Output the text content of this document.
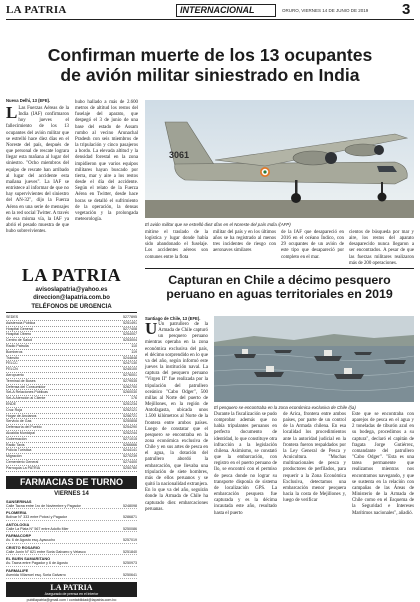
LA PATRIA	INTERNACIONAL	ORURO, VIERNES 14 DE JUNIO DE 2019 3
Confirman muerte de los 13 ocupantes
de avión militar siniestrado en India
Nueva Delhi, 13 (EFE).
L Las Fuerzas Aéreas de la India (IAF) confirmaron hoy jueves el fallecimiento de los 13 ocupantes del avión militar que se estrelló hace diez días en el Noreste del país, después de que personal de rescate lograra llegar esta mañana al lugar del siniestro. "Ocho miembros del equipo de rescate han arribado al lugar del accidente esta mañana jueves". La IAF se entristece al informar de que no hay supervivientes del siniestro del AN-32", dijo la Fuerza Aérea en una serie de mensajes en la red social Twitter. A través de esa misma vía, la IAF ya abrió el pesado muestra de que hubo sobrevivientes.
hubo hallado a más de 2.600 metros de altitud los restos del fuselaje del aparato, que despegó el 3 de junio de una base del estado de Assam rumbo al vecino Arunachal Pradesh con seis miembros de la tripulación y cinco pasajeros a bordo. La elevada altitud y la densidad forestal en la zona impidieron que varios equipos militares hayan buscado por tierra, mar y aire a los restos desde el día del accidente. Según el relato de la Fuerza Aérea en Twitter, desde hace horas se detalló el sufrimiento de la operación, la densas vegetación y la prolongada meteorología.
3061
El avión militar que se estrelló diez días en el Noreste del país India /(AFP)
mitirse el traslado de la logística y lugar donde había sido abandonado el fuselaje. Los accidentes aéreos son comunes entre la flota
militar del país y en los últimos años se ha registrado al menos tres incidentes de riesgo con aeronaves similares
de la IAF que desapareció en 2016 en el océano Índico, con 29 ocupantes de un avión de este tipo que desapareció por completo en el mar.
cientos de búsqueda por mar y aire, los restos del aparato desaparecido nunca llegaron a ser encontrados. A pesar de que las fuerzas militares realizaron más de 200 operaciones.
LA PATRIA
avisoslapatria@yahoo.es
direccion@lapatria.com.bo
TELÉFONOS DE URGENCIA
SEDES	5277895
Asistencia Pública	5251491
Hospital General	5277408
Hospital Obrero	5254007
Centro de Salud	5253004
Radio Patrulla	110
Bomberos	119
Tránsito	5244848
FELCC	5247130
FELCN	5245100
Aeropuerto	5276001
Terminal de Buses	5279535
Defensa del Consumidor	5262700
SeLA Relaciones Públicas	5260030
SeLA Atención al Cliente	176
ENDE	5251234
Cruz Roja	5252121
Hogar de Ancianos	5256721
Servicio de Gas	5250808
Defensoría del Pueblo	5254290
Alcaldía Municipal	5252244
Gobernación	5271015
Radio Taxis	5266666
Policía Turística	5244141
Migración	5270239
Cementerio General	5274400
Parroquia La PATRIA	5250780
FARMACIAS DE TURNO
VIERNES 14
SANSERINAS
Calle Tacna entre 1ro de Noviembre y Pagador	5248098
PLOMERIA
Bolívar N° 333 entre Potosí y Pagador	5286871
ANTOLOGIA
Calle La Plata N° 567 entre Adolfo Mier	5250086
FARMACORP
Av. 6 de Agosto esq. Ayacucho	5257019
CRISTO ROSARIO
Calle Junín N° 621 entre Soria Galvarro y Velasco	5251840
EL BUEN SAMARITANO
Av. Tacna entre Pagador y 6 de Agosto	5250973
FARMALIFE
Avenida Villarroel esq. Soria Galvarro	5250641
LA PATRIA
Asegurado de prensa en el interior
publilapatria@gmail.com / contabilidad@lapatria.com.bo
Capturan en Chile a décimo pesquero
peruano en aguas territoriales en 2019
Santiago de Chile, 13 (EFE).
U Un patrullero de la Armada de Chile capturó un pesquero peruano mientras operaba en la zona económica exclusiva del país, el décimo sorprendido en lo que va del año, según informó este jueves la institución naval. La captura del pesquero peruano "Virgen II" fue realizada por la tripulación del patrullero oceánico "Cabo Odger", 500 millas al Norte del puerto de Mejillones, en la región de Antofagasta, ubicada unos 1.500 kilómetros al Norte de la frontera entre ambos países. Luego de constatar que el pesquero se encontraba en la zona económica exclusiva de Chile y en sus artes de pesca en el agua, la dotación del patrullero abordó la embarcación, que llevaba una tripulación de siete hombres, más de ellos peruanos y se quitó la nacionalidad extranjera. En lo que va del año, seguirán donde la Armada de Chile ha capturado diez embarcaciones peruanas.
El pesquero se encontraba en la zona económica exclusiva de Chile /(ia)
Durante la fiscalización se pudo comprobar además que no había tripulantes peruanos en perfecto documento de identidad, lo que constituye otra infracción a la legislación chilena. Asimismo, se constató que la embarcación, con registro en el puerto peruano de Ilo, se encontró con el permiso de pesca donde no lograr su transporte disponía de sistema de localización GPS. La embarcación pesquera fue capturada y es la décima incautada este año, resultado hasta el puerto
de Arica, frontera entre ambos países, por parte de un control de la Armada chilena. En esa localidad los procedimientos ante la autoridad judicial en la frontera fueron respaldados por la Ley General de Pesca y Acuicultura. "Muchas multinacionales de pesca y productores de perfilados, para requerir a la Zona Económica Exclusiva, detectamos una embarcación menor pesquera hacia la costa de Mejillones y, luego de verificar
Este que se encontraba con aparejos de pesca en el agua y 2 toneladas de tiburón azul en su bodega, procedimos a su captura", declaró el capitán de fragata Jorge Gutiérrez, comandante del patrullero "Cabo Odger". "Esta es una tarea permanente que realizamos mientras nos encontramos navegando, y que se sustenta en la relación con campañas de las Áreas de Ministerio de la Armada de Chile como en el Esquema de la Seguridad e Intereses Marítimos nacionales", añadió.
